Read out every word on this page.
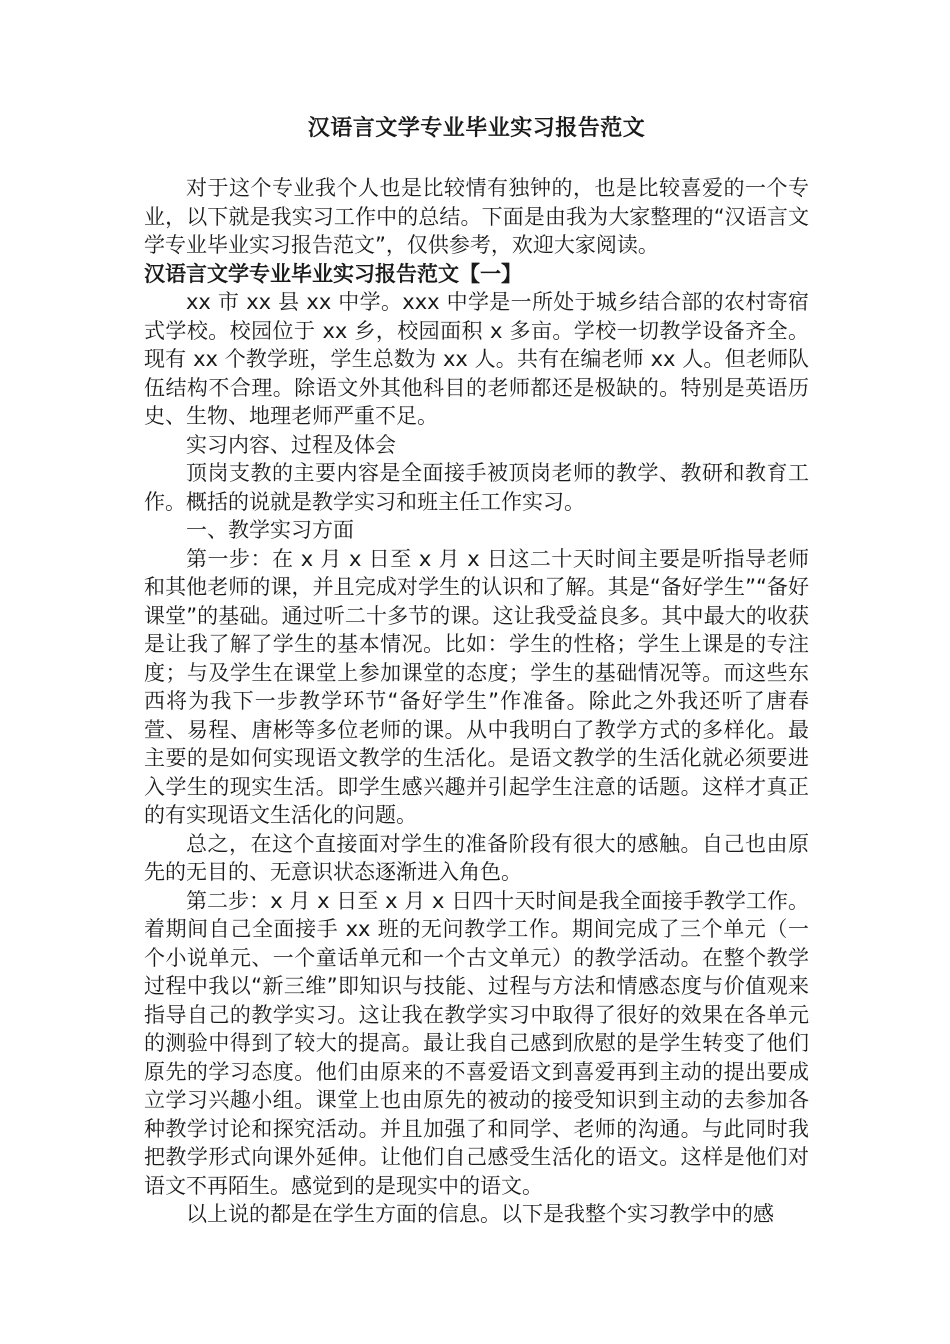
汉语言文学专业毕业实习报告范文

对于这个专业我个人也是比较情有独钟的，也是比较喜爱的一个专业，以下就是我实习工作中的总结。下面是由我为大家整理的“汉语言文学专业毕业实习报告范文”，仅供参考，欢迎大家阅读。

汉语言文学专业毕业实习报告范文【一】

xx 市 xx 县 xx 中学。xxx 中学是一所处于城乡结合部的农村寄宿式学校。校园位于 xx 乡，校园面积 x 多亩。学校一切教学设备齐全。现有 xx 个教学班，学生总数为 xx 人。共有在编老师 xx 人。但老师队伍结构不合理。除语文外其他科目的老师都还是极缺的。特别是英语历史、生物、地理老师严重不足。

实习内容、过程及体会

顶岗支教的主要内容是全面接手被顶岗老师的教学、教研和教育工作。概括的说就是教学实习和班主任工作实习。

一、教学实习方面

第一步：在 x 月 x 日至 x 月 x 日这二十天时间主要是听指导老师和其他老师的课，并且完成对学生的认识和了解。其是“备好学生”“备好课堂”的基础。通过听二十多节的课。这让我受益良多。其中最大的收获是让我了解了学生的基本情况。比如：学生的性格；学生上课是的专注度；与及学生在课堂上参加课堂的态度；学生的基础情况等。而这些东西将为我下一步教学环节“备好学生”作准备。除此之外我还听了唐春萱、易程、唐彬等多位老师的课。从中我明白了教学方式的多样化。最主要的是如何实现语文教学的生活化。是语文教学的生活化就必须要进入学生的现实生活。即学生感兴趣并引起学生注意的话题。这样才真正的有实现语文生活化的问题。

总之，在这个直接面对学生的准备阶段有很大的感触。自己也由原先的无目的、无意识状态逐渐进入角色。

第二步：x 月 x 日至 x 月 x 日四十天时间是我全面接手教学工作。着期间自己全面接手 xx 班的无问教学工作。期间完成了三个单元（一个小说单元、一个童话单元和一个古文单元）的教学活动。在整个教学过程中我以“新三维”即知识与技能、过程与方法和情感态度与价值观来指导自己的教学实习。这让我在教学实习中取得了很好的效果在各单元的测验中得到了较大的提高。最让我自己感到欣慰的是学生转变了他们原先的学习态度。他们由原来的不喜爱语文到喜爱再到主动的提出要成立学习兴趣小组。课堂上也由原先的被动的接受知识到主动的去参加各种教学讨论和探究活动。并且加强了和同学、老师的沟通。与此同时我把教学形式向课外延伸。让他们自己感受生活化的语文。这样是他们对语文不再陌生。感觉到的是现实中的语文。

以上说的都是在学生方面的信息。以下是我整个实习教学中的感
